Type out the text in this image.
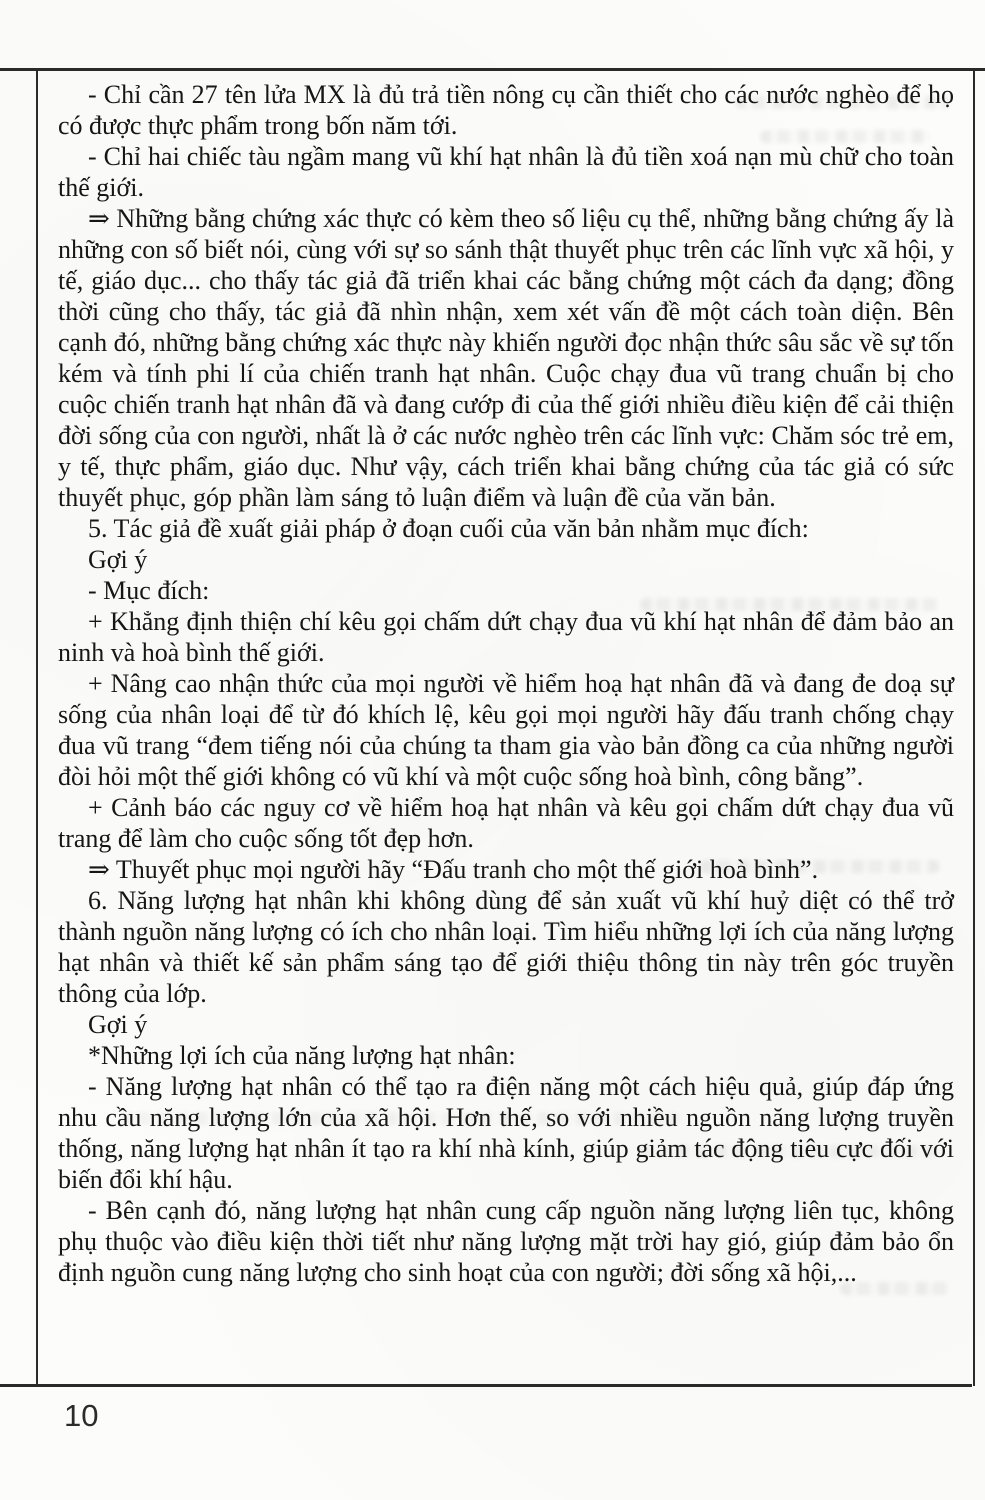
- Chỉ cần 27 tên lửa MX là đủ trả tiền nông cụ cần thiết cho các nước nghèo để họ có được thực phẩm trong bốn năm tới.

- Chỉ hai chiếc tàu ngầm mang vũ khí hạt nhân là đủ tiền xoá nạn mù chữ cho toàn thế giới.

⇒ Những bằng chứng xác thực có kèm theo số liệu cụ thể, những bằng chứng ấy là những con số biết nói, cùng với sự so sánh thật thuyết phục trên các lĩnh vực xã hội, y tế, giáo dục... cho thấy tác giả đã triển khai các bằng chứng một cách đa dạng; đồng thời cũng cho thấy, tác giả đã nhìn nhận, xem xét vấn đề một cách toàn diện. Bên cạnh đó, những bằng chứng xác thực này khiến người đọc nhận thức sâu sắc về sự tốn kém và tính phi lí của chiến tranh hạt nhân. Cuộc chạy đua vũ trang chuẩn bị cho cuộc chiến tranh hạt nhân đã và đang cướp đi của thế giới nhiều điều kiện để cải thiện đời sống của con người, nhất là ở các nước nghèo trên các lĩnh vực: Chăm sóc trẻ em, y tế, thực phẩm, giáo dục. Như vậy, cách triển khai bằng chứng của tác giả có sức thuyết phục, góp phần làm sáng tỏ luận điểm và luận đề của văn bản.

5. Tác giả đề xuất giải pháp ở đoạn cuối của văn bản nhằm mục đích:

Gợi ý

- Mục đích:

+ Khẳng định thiện chí kêu gọi chấm dứt chạy đua vũ khí hạt nhân để đảm bảo an ninh và hoà bình thế giới.

+ Nâng cao nhận thức của mọi người về hiểm hoạ hạt nhân đã và đang đe doạ sự sống của nhân loại để từ đó khích lệ, kêu gọi mọi người hãy đấu tranh chống chạy đua vũ trang “đem tiếng nói của chúng ta tham gia vào bản đồng ca của những người đòi hỏi một thế giới không có vũ khí và một cuộc sống hoà bình, công bằng”.

+ Cảnh báo các nguy cơ về hiểm hoạ hạt nhân và kêu gọi chấm dứt chạy đua vũ trang để làm cho cuộc sống tốt đẹp hơn.

⇒ Thuyết phục mọi người hãy “Đấu tranh cho một thế giới hoà bình”.

6. Năng lượng hạt nhân khi không dùng để sản xuất vũ khí huỷ diệt có thể trở thành nguồn năng lượng có ích cho nhân loại. Tìm hiểu những lợi ích của năng lượng hạt nhân và thiết kế sản phẩm sáng tạo để giới thiệu thông tin này trên góc truyền thông của lớp.

Gợi ý

*Những lợi ích của năng lượng hạt nhân:

- Năng lượng hạt nhân có thể tạo ra điện năng một cách hiệu quả, giúp đáp ứng nhu cầu năng lượng lớn của xã hội. Hơn thế, so với nhiều nguồn năng lượng truyền thống, năng lượng hạt nhân ít tạo ra khí nhà kính, giúp giảm tác động tiêu cực đối với biến đổi khí hậu.

- Bên cạnh đó, năng lượng hạt nhân cung cấp nguồn năng lượng liên tục, không phụ thuộc vào điều kiện thời tiết như năng lượng mặt trời hay gió, giúp đảm bảo ổn định nguồn cung năng lượng cho sinh hoạt của con người; đời sống xã hội,...

10
